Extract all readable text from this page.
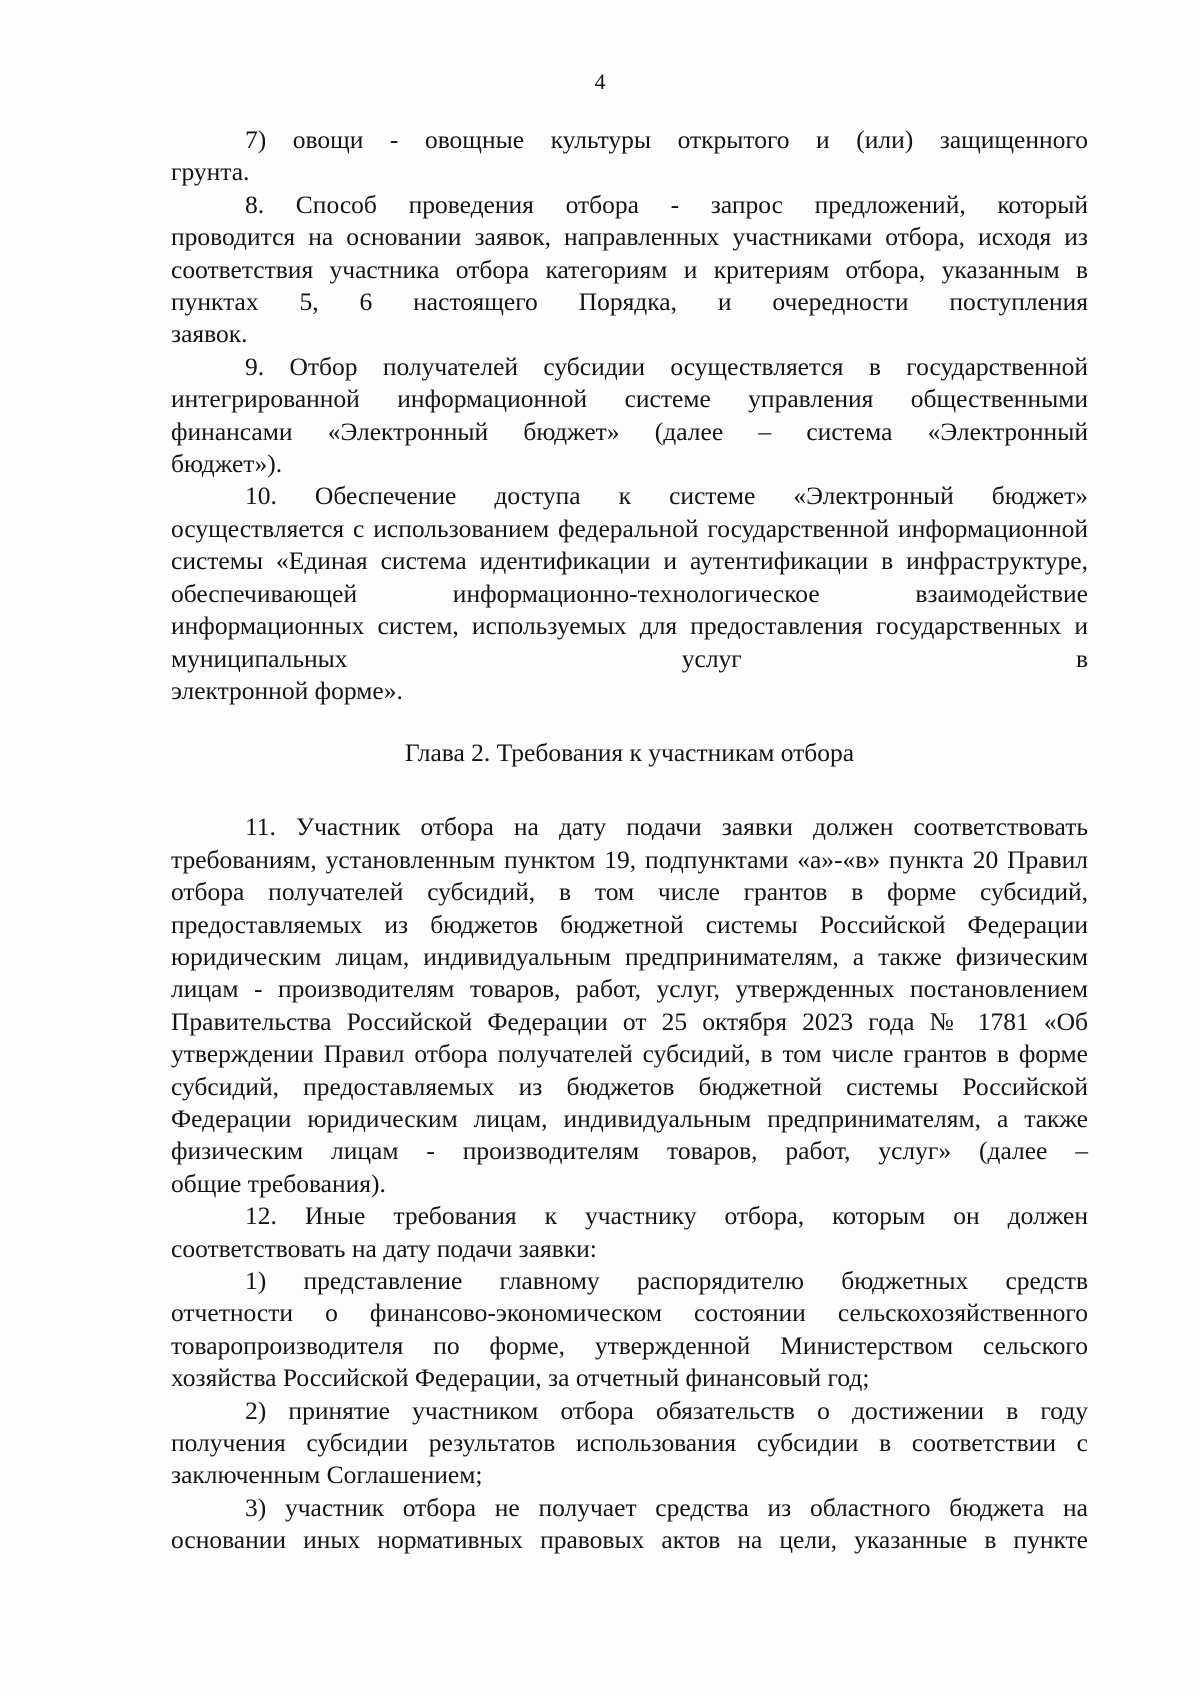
4

7) овощи - овощные культуры открытого и (или) защищенного

грунта.

8. Способ проведения отбора - запрос предложений, который

проводится на основании заявок, направленных участниками отбора, исходя из соответствия участника отбора категориям и критериям отбора, указанным в пунктах 5, 6 настоящего Порядка, и очередности поступления

заявок.

9. Отбор получателей субсидии осуществляется в государственной

интегрированной информационной системе управления общественными финансами «Электронный бюджет» (далее – система «Электронный

бюджет»).

10. Обеспечение доступа к системе «Электронный бюджет»

осуществляется с использованием федеральной государственной информационной системы «Единая система идентификации и аутентификации в инфраструктуре, обеспечивающей информационно-технологическое взаимодействие информационных систем, используемых для предоставления государственных и муниципальных услуг в

электронной форме».

Глава 2. Требования к участникам отбора

11. Участник отбора на дату подачи заявки должен соответствовать

требованиям, установленным пунктом 19, подпунктами «а»-«в» пункта 20 Правил отбора получателей субсидий, в том числе грантов в форме субсидий, предоставляемых из бюджетов бюджетной системы Российской Федерации юридическим лицам, индивидуальным предпринимателям, а также физическим лицам - производителям товаров, работ, услуг, утвержденных постановлением Правительства Российской Федерации от 25 октября 2023 года № 1781 «Об утверждении Правил отбора получателей субсидий, в том числе грантов в форме субсидий, предоставляемых из бюджетов бюджетной системы Российской Федерации юридическим лицам, индивидуальным предпринимателям, а также физическим лицам - производителям товаров, работ, услуг» (далее –

общие требования).

12. Иные требования к участнику отбора, которым он должен

соответствовать на дату подачи заявки:

1) представление главному распорядителю бюджетных средств

отчетности о финансово-экономическом состоянии сельскохозяйственного товаропроизводителя по форме, утвержденной Министерством сельского

хозяйства Российской Федерации, за отчетный финансовый год;

2) принятие участником отбора обязательств о достижении в году

получения субсидии результатов использования субсидии в соответствии с

заключенным Соглашением;

3) участник отбора не получает средства из областного бюджета на

основании иных нормативных правовых актов на цели, указанные в пункте
